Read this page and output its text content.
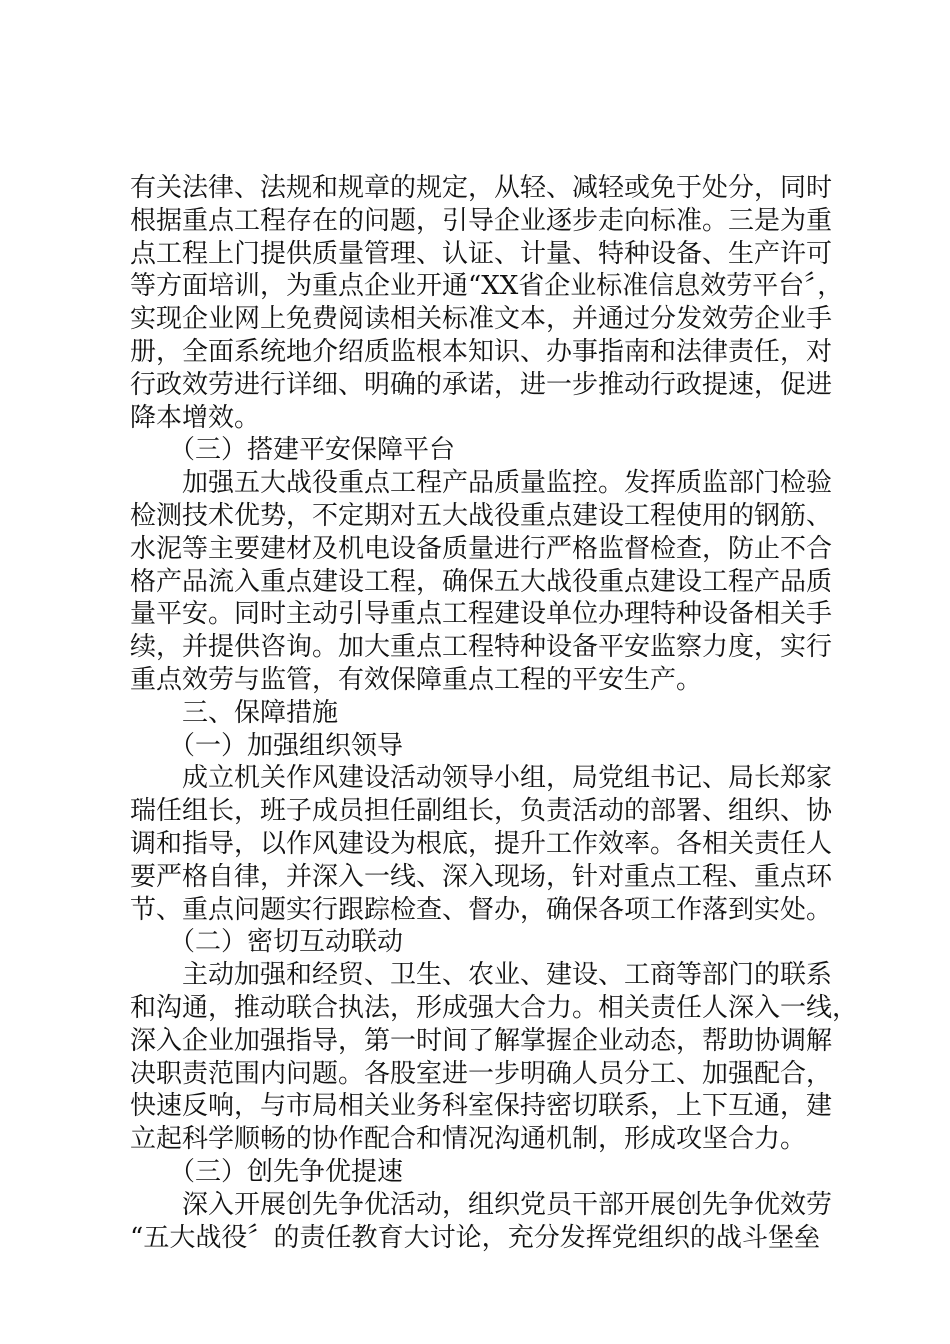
有关法律、法规和规章的规定，从轻、减轻或免于处分，同时
根据重点工程存在的问题，引导企业逐步走向标准。三是为重
点工程上门提供质量管理、认证、计量、特种设备、生产许可
等方面培训，为重点企业开通“XX省企业标准信息效劳平台〞，
实现企业网上免费阅读相关标准文本，并通过分发效劳企业手
册，全面系统地介绍质监根本知识、办事指南和法律责任，对
行政效劳进行详细、明确的承诺，进一步推动行政提速，促进
降本增效。
　　（三）搭建平安保障平台
　　加强五大战役重点工程产品质量监控。发挥质监部门检验
检测技术优势，不定期对五大战役重点建设工程使用的钢筋、
水泥等主要建材及机电设备质量进行严格监督检查，防止不合
格产品流入重点建设工程，确保五大战役重点建设工程产品质
量平安。同时主动引导重点工程建设单位办理特种设备相关手
续，并提供咨询。加大重点工程特种设备平安监察力度，实行
重点效劳与监管，有效保障重点工程的平安生产。
　　三、保障措施
　　（一）加强组织领导
　　成立机关作风建设活动领导小组，局党组书记、局长郑家
瑞任组长，班子成员担任副组长，负责活动的部署、组织、协
调和指导，以作风建设为根底，提升工作效率。各相关责任人
要严格自律，并深入一线、深入现场，针对重点工程、重点环
节、重点问题实行跟踪检查、督办，确保各项工作落到实处。
　　（二）密切互动联动
　　主动加强和经贸、卫生、农业、建设、工商等部门的联系
和沟通，推动联合执法，形成强大合力。相关责任人深入一线，
深入企业加强指导，第一时间了解掌握企业动态，帮助协调解
决职责范围内问题。各股室进一步明确人员分工、加强配合，
快速反响，与市局相关业务科室保持密切联系，上下互通，建
立起科学顺畅的协作配合和情况沟通机制，形成攻坚合力。
　　（三）创先争优提速
　　深入开展创先争优活动，组织党员干部开展创先争优效劳
“五大战役〞的责任教育大讨论，充分发挥党组织的战斗堡垒
